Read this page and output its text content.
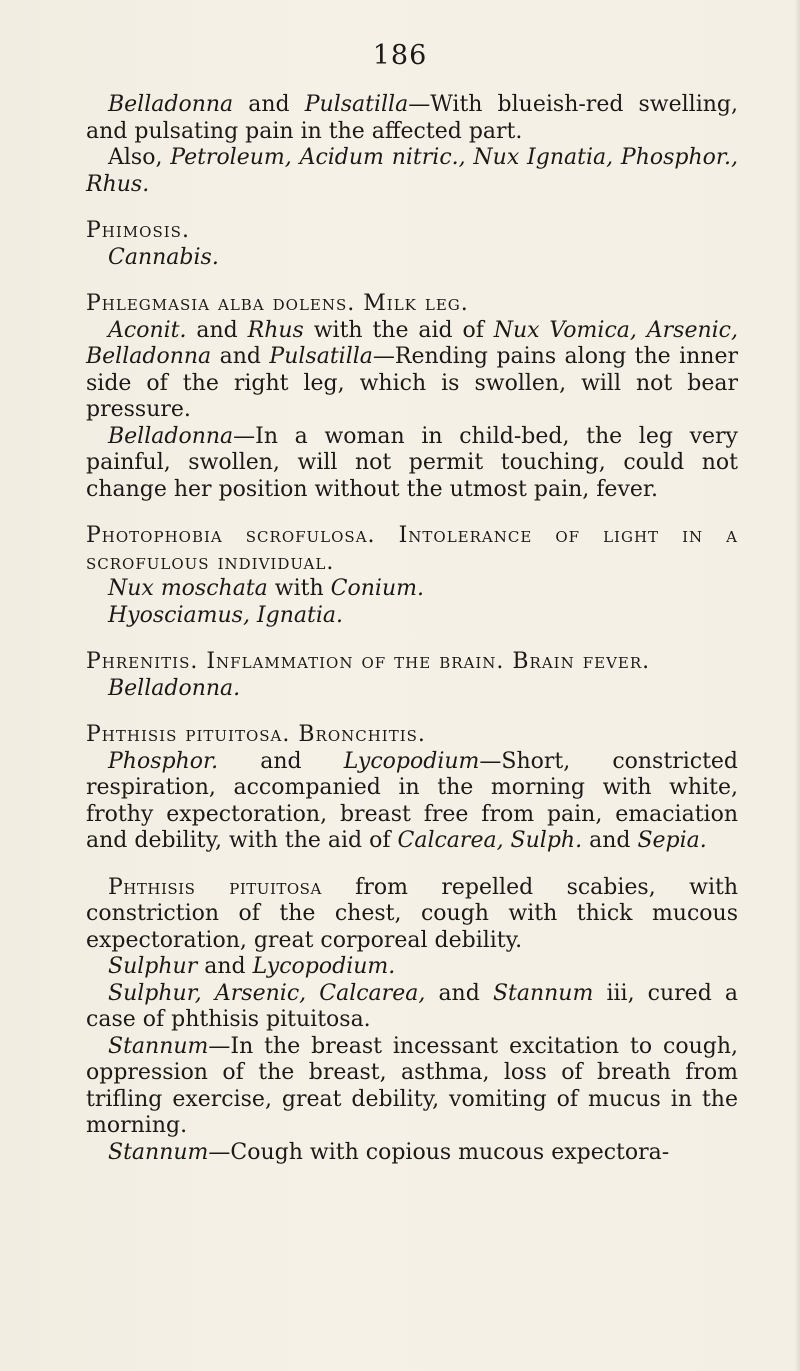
186

Belladonna and Pulsatilla—With blueish-red swelling, and pulsating pain in the affected part.

Also, Petroleum, Acidum nitric., Nux Ignatia, Phosphor., Rhus.

Phimosis.

Cannabis.

Phlegmasia alba dolens. Milk leg.

Aconit. and Rhus with the aid of Nux Vomica, Arsenic, Belladonna and Pulsatilla—Rending pains along the inner side of the right leg, which is swollen, will not bear pressure.

Belladonna—In a woman in child-bed, the leg very painful, swollen, will not permit touching, could not change her position without the utmost pain, fever.

Photophobia scrofulosa. Intolerance of light in a scrofulous individual.

Nux moschata with Conium.

Hyosciamus, Ignatia.

Phrenitis. Inflammation of the brain. Brain fever.

Belladonna.

Phthisis pituitosa. Bronchitis.

Phosphor. and Lycopodium—Short, constricted respiration, accompanied in the morning with white, frothy expectoration, breast free from pain, emaciation and debility, with the aid of Calcarea, Sulph. and Sepia.

Phthisis pituitosa from repelled scabies, with constriction of the chest, cough with thick mucous expectoration, great corporeal debility.

Sulphur and Lycopodium.

Sulphur, Arsenic, Calcarea, and Stannum iii, cured a case of phthisis pituitosa.

Stannum—In the breast incessant excitation to cough, oppression of the breast, asthma, loss of breath from trifling exercise, great debility, vomiting of mucus in the morning.

Stannum—Cough with copious mucous expectora-
